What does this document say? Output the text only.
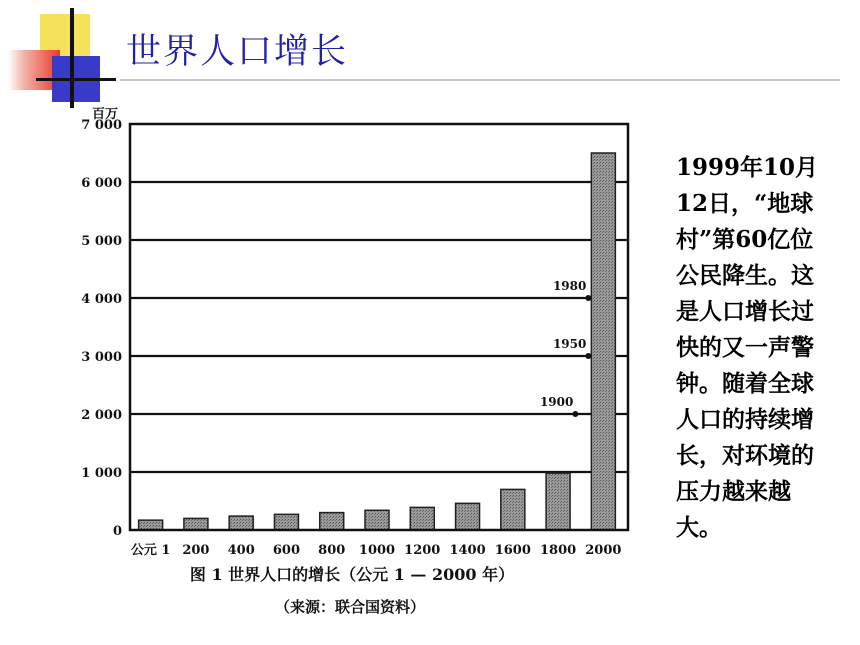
世界人口增长
1980
1950
1900
0
1 000
2 000
3 000
4 000
5 000
6 000
7 000
公元 1 200 400 600 800 1000 1200 1400 1600 1800 2000
百万
图 1 世界人口的增长（公元 1 — 2000 年）
（来源：联合国资料）
1999年10月12日，“地球村”第60亿位公民降生。这是人口增长过快的又一声警钟。随着全球人口的持续增长，对环境的压力越来越大。
